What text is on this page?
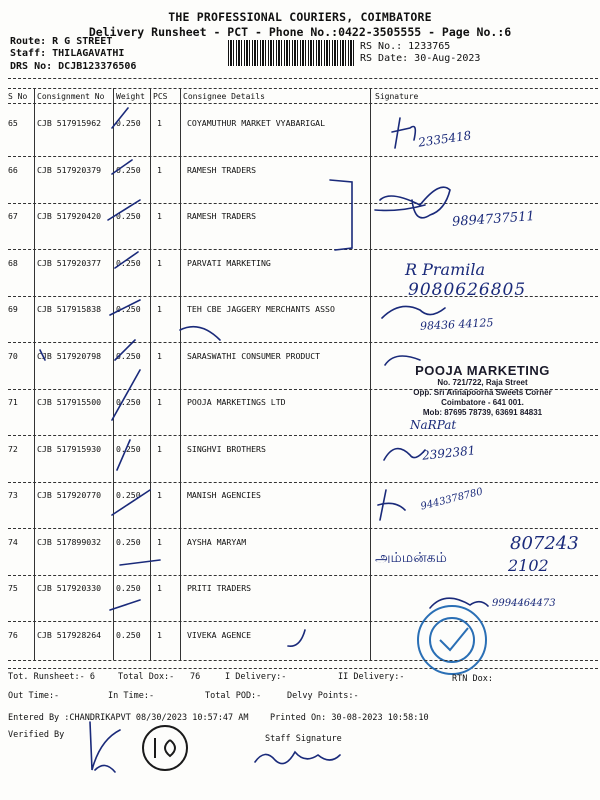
THE PROFESSIONAL COURIERS, COIMBATORE
Delivery Runsheet - PCT - Phone No.:0422-3505555 - Page No.:6
Route: R G STREET
Staff: THILAGAVATHI
DRS No: DCJB123376506
RS No.: 1233765
RS Date: 30-Aug-2023
S No Consignment No Weight PCS Consignee Details	Signature
65 CJB 517915962 0.250 1	COYAMUTHUR MARKET VYABARIGAL
66 CJB 517920379 0.250 1	RAMESH TRADERS
67 CJB 517920420 0.250 1	RAMESH TRADERS
68 CJB 517920377 0.250 1	PARVATI MARKETING
69 CJB 517915838 0.250 1	TEH CBE JAGGERY MERCHANTS ASSO
70 CJB 517920798 0.250 1	SARASWATHI CONSUMER PRODUCT
71 CJB 517915500 0.250 1	POOJA MARKETINGS LTD
72 CJB 517915930 0.250 1	SINGHVI BROTHERS
73 CJB 517920770 0.250 1	MANISH AGENCIES
74 CJB 517899032 0.250 1	AYSHA MARYAM
75 CJB 517920330 0.250 1	PRITI TRADERS
76 CJB 517928264 0.250 1	VIVEKA AGENCE
POOJA MARKETING
No. 721/722, Raja Street
Opp. Sri Annapoorna Sweets Corner
Coimbatore - 641 001.
Mob: 87695 78739, 63691 84831
2335418
9894737511
R Pramila
9080626805
98436 44125
NaRPat
2392381
9443378780
807243
அம்மன்கம்	2102
9994464473
Tot. Runsheet:- 6	Total Dox:- 76	I Delivery:-	II Delivery:-	RTN Dox:
Out Time:-	In Time:-	Total POD:-	Delvy Points:-
Entered By :CHANDRIKAPVT 08/30/2023 10:57:47 AM	Printed On: 30-08-2023 10:58:10
Verified By	Staff Signature
